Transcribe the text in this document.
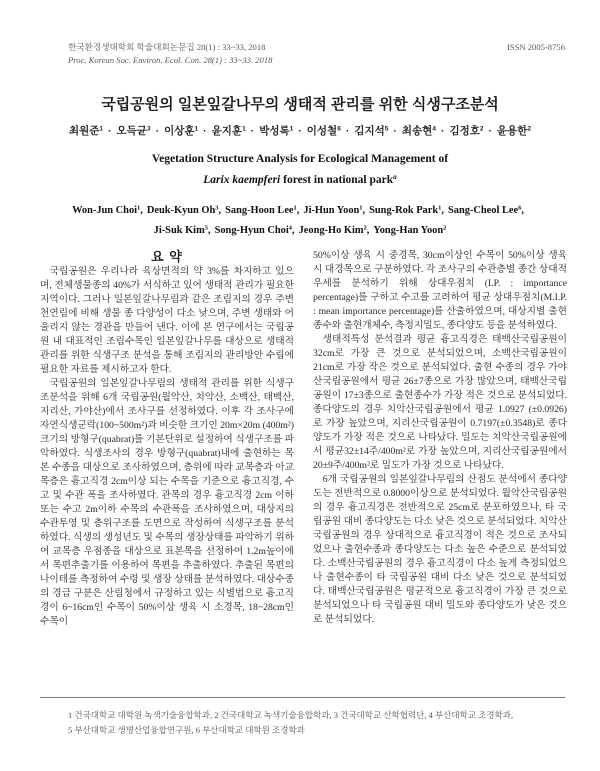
한국환경생태학회 학술대회논문집 28(1) : 33~33, 2018	ISSN 2005-8756
Proc. Korean Soc. Environ. Ecol. Con. 28(1) : 33~33. 2018
국립공원의 일본잎갈나무의 생태적 관리를 위한 식생구조분석
최원준$^1$ · 오득균$^3$ · 이상훈$^1$ · 윤지훈$^1$ · 박성록$^1$ · 이성철$^6$ · 김지석$^5$ · 최송현$^4$ · 김정호$^2$ · 윤용한$^2$
Vegetation Structure Analysis for Ecological Management of
Larix kaempferi forest in national park$^a$
Won-Jun Choi$^1$, Deuk-Kyun Oh$^3$, Sang-Hoon Lee$^1$, Ji-Hun Yoon$^1$, Sung-Rok Park$^1$, Sang-Cheol Lee$^6$,
Ji-Suk Kim$^5$, Song-Hyun Choi$^4$, Jeong-Ho Kim$^2$, Yong-Han Yoon$^2$
요 약

국립공원은 우리나라 육상면적의 약 3%를 차지하고 있으며, 전체생물종의 40%가 서식하고 있어 생태적 관리가 필요한 지역이다. 그러나 일본잎갈나무림과 같은 조림지의 경우 주변 천연림에 비해 생물 종 다양성이 다소 낮으며, 주변 생태와 어울리지 않는 경관을 만들어 낸다. 이에 본 연구에서는 국립공원 내 대표적인 조림수목인 일본잎갈나무를 대상으로 생태적 관리를 위한 식생구조 분석을 통해 조림지의 관리방안 수립에 필요한 자료를 제시하고자 한다.

국립공원의 일본잎갈나무림의 생태적 관리를 위한 식생구조분석을 위해 6개 국립공원(월악산, 치악산, 소백산, 태백산, 지리산, 가야산)에서 조사구를 선정하였다. 이후 각 조사구에 자연식생군락(100~500m²)과 비슷한 크기인 20m×20m (400m²)크기의 방형구(quabrat)를 기본단위로 설정하여 식생구조를 파악하였다. 식생조사의 경우 방형구(quabrat)내에 출현하는 목본 수종을 대상으로 조사하였으며, 층위에 따라 교목층과 아교목층은 흉고직경 2cm이상 되는 수목을 기준으로 흉고직경, 수고 및 수관 폭을 조사하였다. 관목의 경우 흉고직경 2cm 이하 또는 수고 2m이하 수목의 수관폭을 조사하였으며, 대상지의 수관투영 및 층위구조를 도면으로 작성하여 식생구조를 분석하였다. 식생의 생성년도 및 수목의 생장상태를 파악하기 위하여 교목층 우점종을 대상으로 표본목을 선정하여 1.2m높이에서 목편추출기를 이용하여 목편을 추출하였다. 추출된 목편의 나이테를 측정하여 수령 및 생장 상태를 분석하였다. 대상수종의 경급 구분은 산림청에서 규정하고 있는 식별법으로 흉고직경이 6~16cm인 수목이 50%이상 생육 시 소경목, 18~28cm인 수목이

50%이상 생육 시 중경목, 30cm이상인 수목이 50%이상 생육 시 대경목으로 구분하였다. 각 조사구의 수관층별 종간 상대적 우세를 분석하기 위해 상대우점치 (I.P. : importance percentage)를 구하고 수고를 고려하여 평균 상대우점치(M.I.P. : mean importance percentage)를 산출하였으며, 대상지별 출현종수와 출현개체수, 측정지밀도, 종다양도 등을 분석하였다.

생태적특성 분석결과 평균 흉고직경은 태백산국립공원이 32cm로 가장 큰 것으로 분석되었으며, 소백산국립공원이 21cm로 가장 작은 것으로 분석되었다. 출현 수종의 경우 가야산국립공원에서 평균 26±7종으로 가장 많았으며, 태백산국립공원이 17±3종으로 출현종수가 가장 적은 것으로 분석되었다. 종다양도의 경우 치악산국립공원에서 평균 1.0927 (±0.0926)로 가장 높았으며, 지리산국립공원이 0.7197(±0.3548)로 종다양도가 가장 적은 것으로 나타났다. 밀도는 치악산국립공원에서 평균32±14주/400m²로 가장 높았으며, 지리산국립공원에서 20±9주/400m²로 밀도가 가장 것으로 나타났다.

6개 국립공원의 일본잎갈나무림의 산점도 분석에서 종다양도는 전반적으로 0.8000이상으로 분석되었다. 월악산국립공원의 경우 흉고직경은 전반적으로 25cm로 분포하였으나, 타 국립공원 대비 종다양도는 다소 낮은 것으로 분석되었다. 치악산국립공원의 경우 상대적으로 흉고직경이 적은 것으로 조사되었으나 출현수종과 종다양도는 다소 높은 수준으로 분석되었다. 소백산국립공원의 경우 흉고직경이 다소 높게 측정되었으나 출현수종이 타 국립공원 대비 다소 낮은 것으로 분석되었다. 태백산국립공원은 평균적으로 흉고직경이 가장 큰 것으로 분석되었으나 타 국립공원 대비 밀도와 종다양도가 낮은 것으로 분석되었다.

1 건국대학교 대학원 녹색기술융합학과, 2 건국대학교 녹색기술융합학과, 3 건국대학교 산학협력단, 4 부산대학교 조경학과,
5 부산대학교 생명산업융합연구원, 6 부산대학교 대학원 조경학과
